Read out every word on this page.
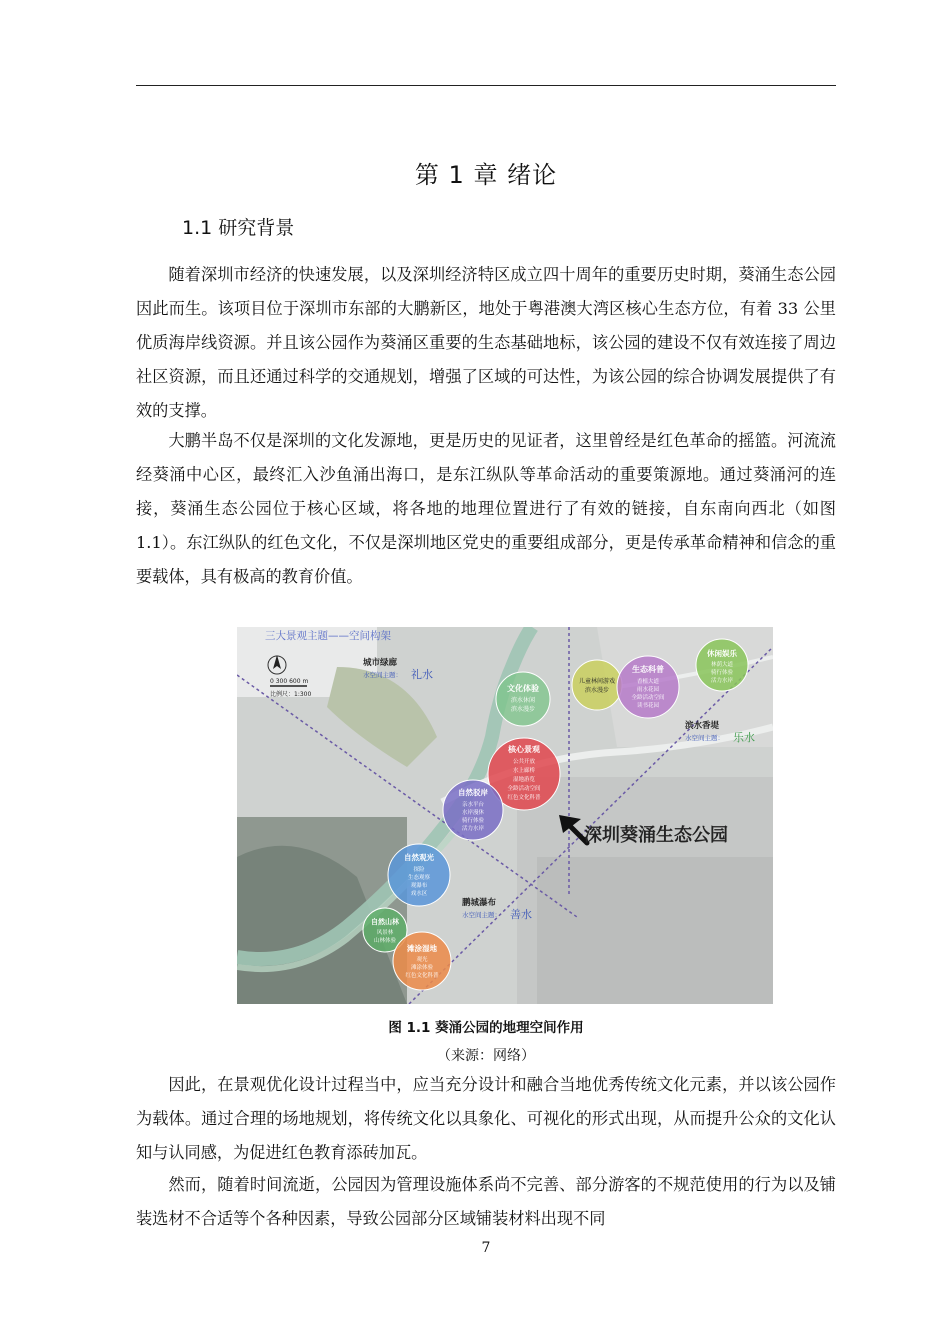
第 1 章 绪论
1.1 研究背景

随着深圳市经济的快速发展，以及深圳经济特区成立四十周年的重要历史时期，葵涌生态公园因此而生。该项目位于深圳市东部的大鹏新区，地处于粤港澳大湾区核心生态方位，有着 33 公里优质海岸线资源。并且该公园作为葵涌区重要的生态基础地标，该公园的建设不仅有效连接了周边社区资源，而且还通过科学的交通规划，增强了区域的可达性，为该公园的综合协调发展提供了有效的支撑。

大鹏半岛不仅是深圳的文化发源地，更是历史的见证者，这里曾经是红色革命的摇篮。河流流经葵涌中心区，最终汇入沙鱼涌出海口，是东江纵队等革命活动的重要策源地。通过葵涌河的连接，葵涌生态公园位于核心区域，将各地的地理位置进行了有效的链接，自东南向西北（如图 1.1）。东江纵队的红色文化，不仅是深圳地区党史的重要组成部分，更是传承革命精神和信念的重要载体，具有极高的教育价值。

三大景观主题——空间构架
0 300 600 m
比例尺：1:300
城市绿廊
水空间主题： 礼水
滨水香堤
水空间主题： 乐水
鹏城瀑布
水空间主题： 善水
文化体验
滨水休闲
滨水漫步
儿童林间游戏
滨水漫步
生态科普
香植大道
雨水花园
全龄活动空间
读书花园
休闲娱乐
林荫大道
骑行体验
活力水岸
核心景观
公共开放
水上廊桥
湿地游览
全龄活动空间
红色文化科普
自然驳岸
亲水平台
水岸漫休
骑行体验
活力水岸
自然观光
探险
生态观察
观瀑布
戏水区
自然山林
风景林
山林体验
滩涂湿地
观光
滩涂体验
红色文化科普
深圳葵涌生态公园
图 1.1 葵涌公园的地理空间作用
（来源：网络）

因此，在景观优化设计过程当中，应当充分设计和融合当地优秀传统文化元素，并以该公园作为载体。通过合理的场地规划，将传统文化以具象化、可视化的形式出现，从而提升公众的文化认知与认同感，为促进红色教育添砖加瓦。

然而，随着时间流逝，公园因为管理设施体系尚不完善、部分游客的不规范使用的行为以及铺装选材不合适等个各种因素，导致公园部分区域铺装材料出现不同

7
